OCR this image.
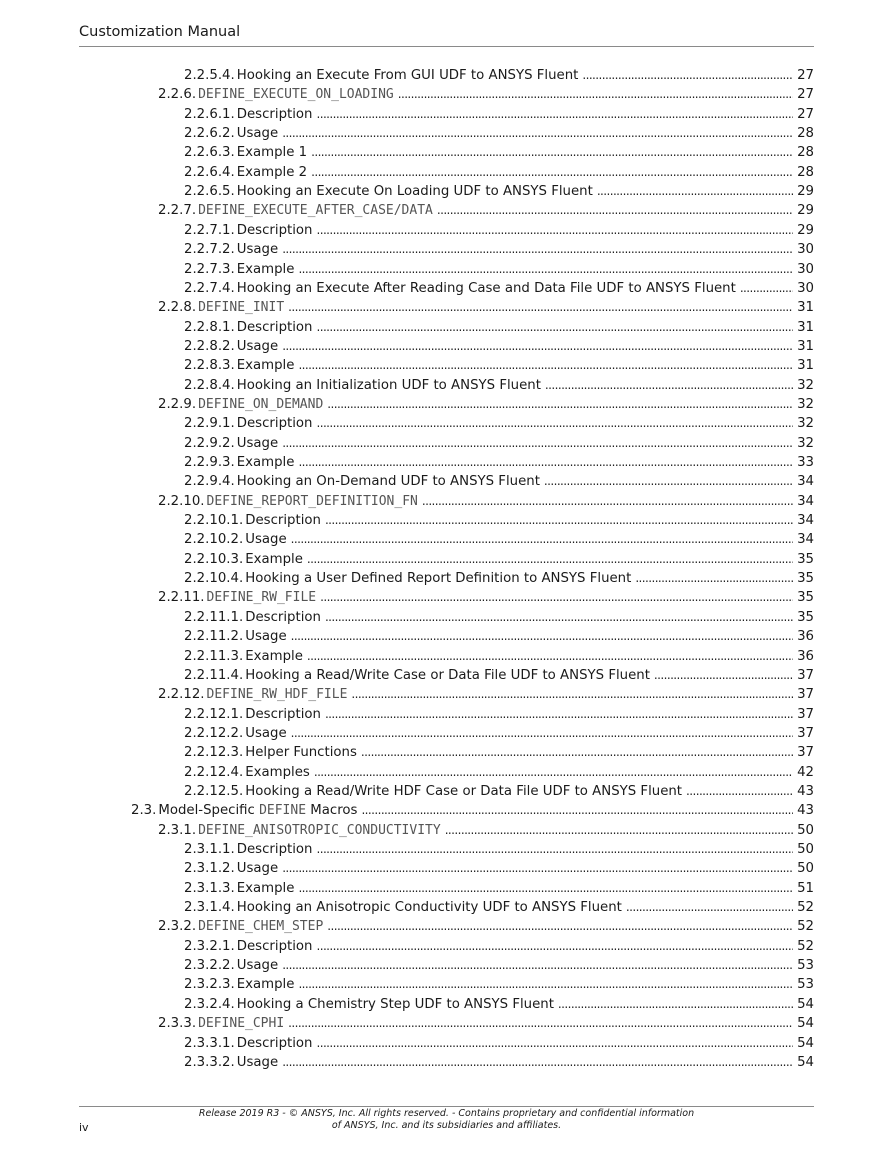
Customization Manual
2.2.5.4. Hooking an Execute From GUI UDF to ANSYS Fluent . . .	27
2.2.6. DEFINE_EXECUTE_ON_LOADING . . .	27
2.2.6.1. Description . . .	27
2.2.6.2. Usage . . .	28
2.2.6.3. Example 1 . . .	28
2.2.6.4. Example 2 . . .	28
2.2.6.5. Hooking an Execute On Loading UDF to ANSYS Fluent . . .	29
2.2.7. DEFINE_EXECUTE_AFTER_CASE/DATA . . .	29
2.2.7.1. Description . . .	29
2.2.7.2. Usage . . .	30
2.2.7.3. Example . . .	30
2.2.7.4. Hooking an Execute After Reading Case and Data File UDF to ANSYS Fluent . . .	30
2.2.8. DEFINE_INIT . . .	31
2.2.8.1. Description . . .	31
2.2.8.2. Usage . . .	31
2.2.8.3. Example . . .	31
2.2.8.4. Hooking an Initialization UDF to ANSYS Fluent . . .	32
2.2.9. DEFINE_ON_DEMAND . . .	32
2.2.9.1. Description . . .	32
2.2.9.2. Usage . . .	32
2.2.9.3. Example . . .	33
2.2.9.4. Hooking an On-Demand UDF to ANSYS Fluent . . .	34
2.2.10. DEFINE_REPORT_DEFINITION_FN . . .	34
2.2.10.1. Description . . .	34
2.2.10.2. Usage . . .	34
2.2.10.3. Example . . .	35
2.2.10.4. Hooking a User Defined Report Definition to ANSYS Fluent . . .	35
2.2.11. DEFINE_RW_FILE . . .	35
2.2.11.1. Description . . .	35
2.2.11.2. Usage . . .	36
2.2.11.3. Example . . .	36
2.2.11.4. Hooking a Read/Write Case or Data File UDF to ANSYS Fluent . . .	37
2.2.12. DEFINE_RW_HDF_FILE . . .	37
2.2.12.1. Description . . .	37
2.2.12.2. Usage . . .	37
2.2.12.3. Helper Functions . . .	37
2.2.12.4. Examples . . .	42
2.2.12.5. Hooking a Read/Write HDF Case or Data File UDF to ANSYS Fluent . . .	43
2.3. Model-Specific DEFINE Macros . . .	43
2.3.1. DEFINE_ANISOTROPIC_CONDUCTIVITY . . .	50
2.3.1.1. Description . . .	50
2.3.1.2. Usage . . .	50
2.3.1.3. Example . . .	51
2.3.1.4. Hooking an Anisotropic Conductivity UDF to ANSYS Fluent . . .	52
2.3.2. DEFINE_CHEM_STEP . . .	52
2.3.2.1. Description . . .	52
2.3.2.2. Usage . . .	53
2.3.2.3. Example . . .	53
2.3.2.4. Hooking a Chemistry Step UDF to ANSYS Fluent . . .	54
2.3.3. DEFINE_CPHI . . .	54
2.3.3.1. Description . . .	54
2.3.3.2. Usage . . .	54
iv
Release 2019 R3 - © ANSYS, Inc. All rights reserved. - Contains proprietary and confidential information
of ANSYS, Inc. and its subsidiaries and affiliates.
